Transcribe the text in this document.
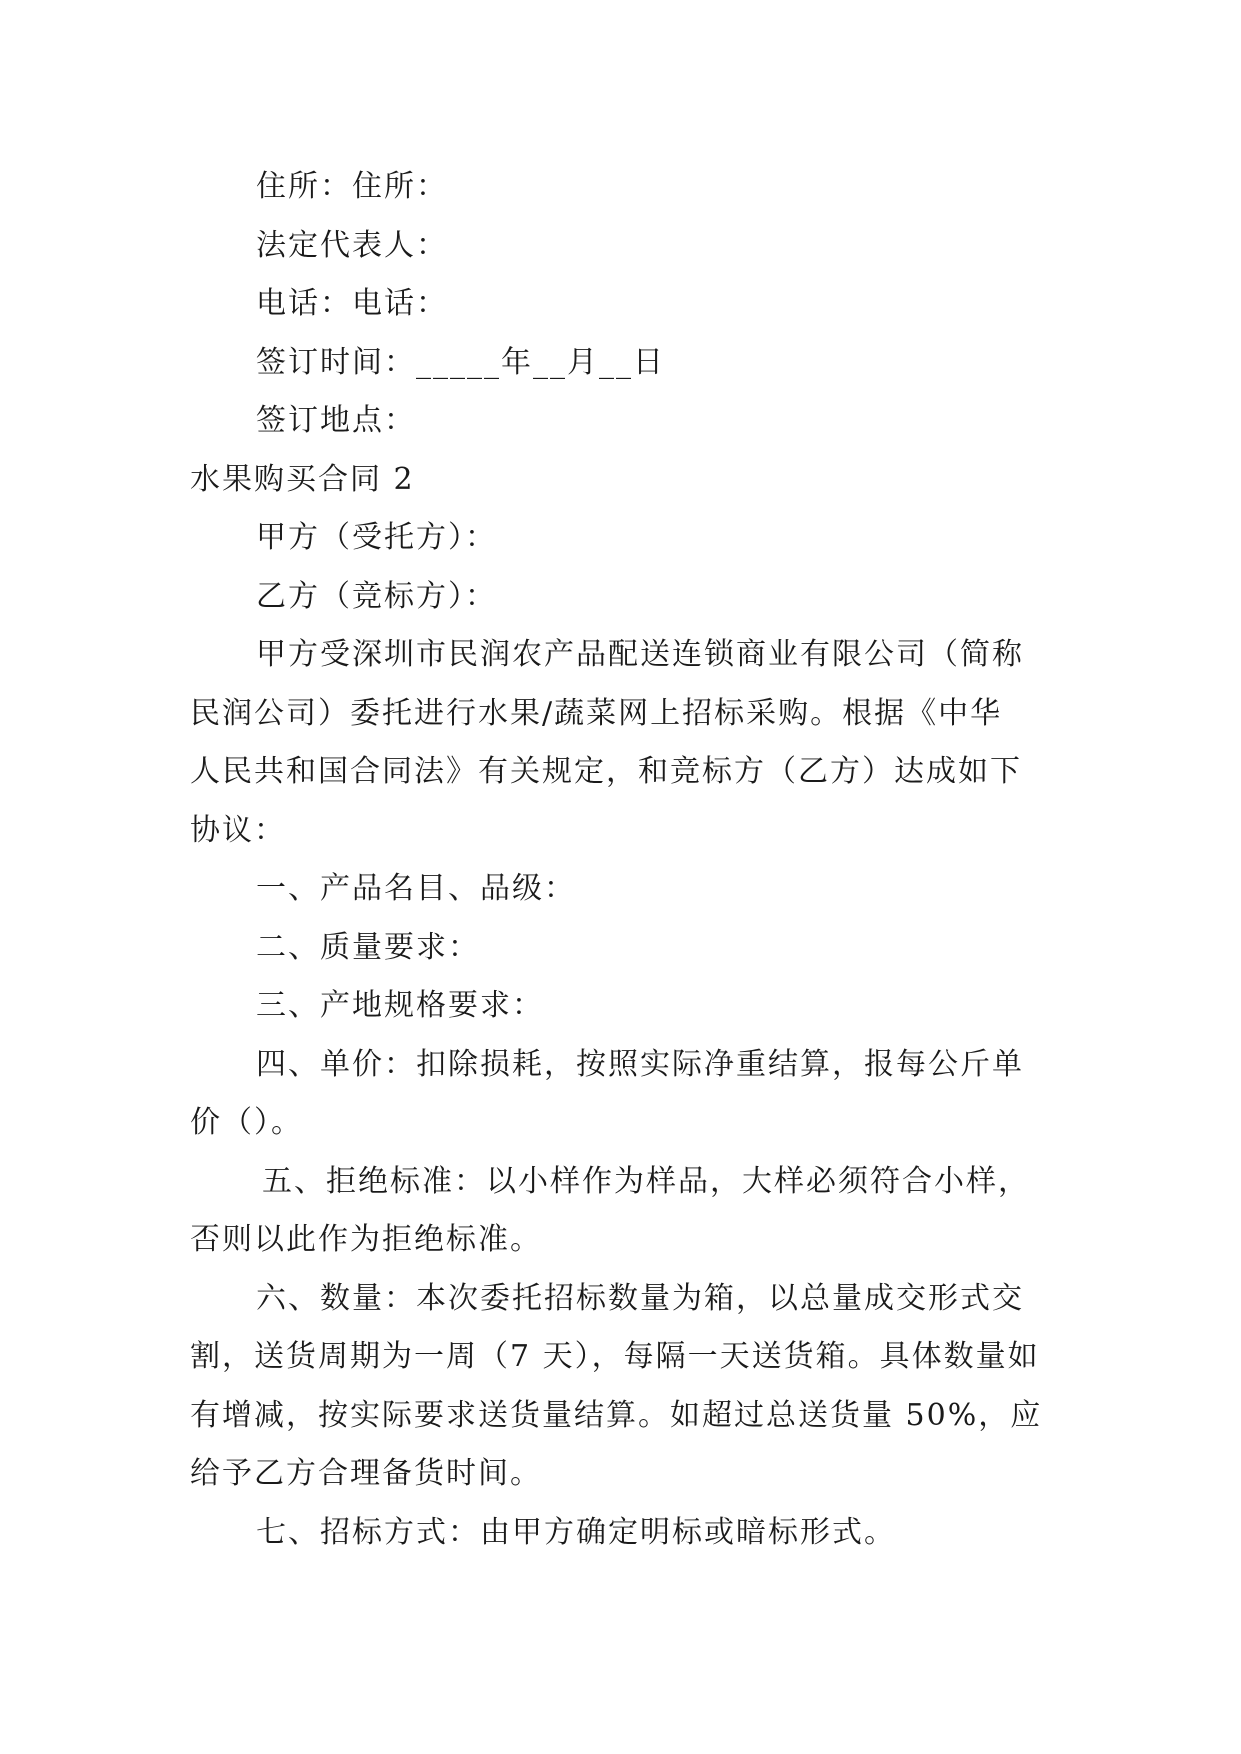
住所：住所：
法定代表人：
电话：电话：
签订时间：_____年__月__日
签订地点：
水果购买合同 2
甲方（受托方）：
乙方（竞标方）：
甲方受深圳市民润农产品配送连锁商业有限公司（简称
民润公司）委托进行水果/蔬菜网上招标采购。根据《中华
人民共和国合同法》有关规定，和竞标方（乙方）达成如下
协议：
一、产品名目、品级：
二、质量要求：
三、产地规格要求：
四、单价：扣除损耗，按照实际净重结算，报每公斤单
价（）。
五、拒绝标准：以小样作为样品，大样必须符合小样，
否则以此作为拒绝标准。
六、数量：本次委托招标数量为箱，以总量成交形式交
割，送货周期为一周（7 天），每隔一天送货箱。具体数量如
有增减，按实际要求送货量结算。如超过总送货量 50%，应
给予乙方合理备货时间。
七、招标方式：由甲方确定明标或暗标形式。
